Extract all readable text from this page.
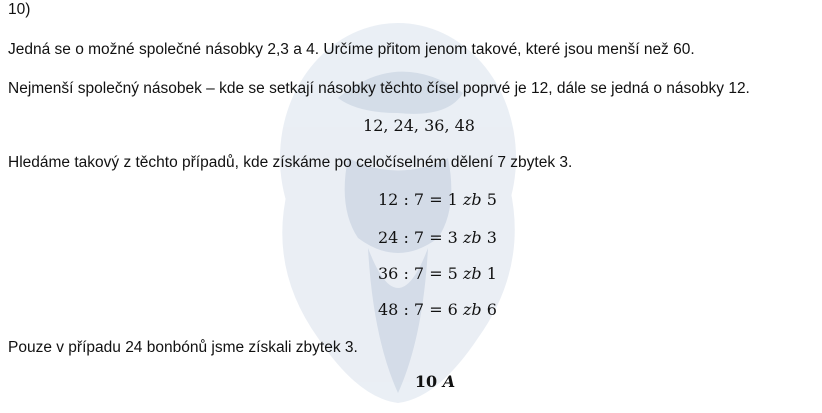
10)
Jedná se o možné společné násobky 2,3 a 4. Určíme přitom jenom takové, které jsou menší než 60.
Nejmenší společný násobek – kde se setkají násobky těchto čísel poprvé je 12, dále se jedná o násobky 12.
12, 24, 36, 48
Hledáme takový z těchto případů, kde získáme po celočíselném dělení 7 zbytek 3.
12 : 7 = 1 zb 5
24 : 7 = 3 zb 3
36 : 7 = 5 zb 1
48 : 7 = 6 zb 6
Pouze v případu 24 bonbónů jsme získali zbytek 3.
10 A
